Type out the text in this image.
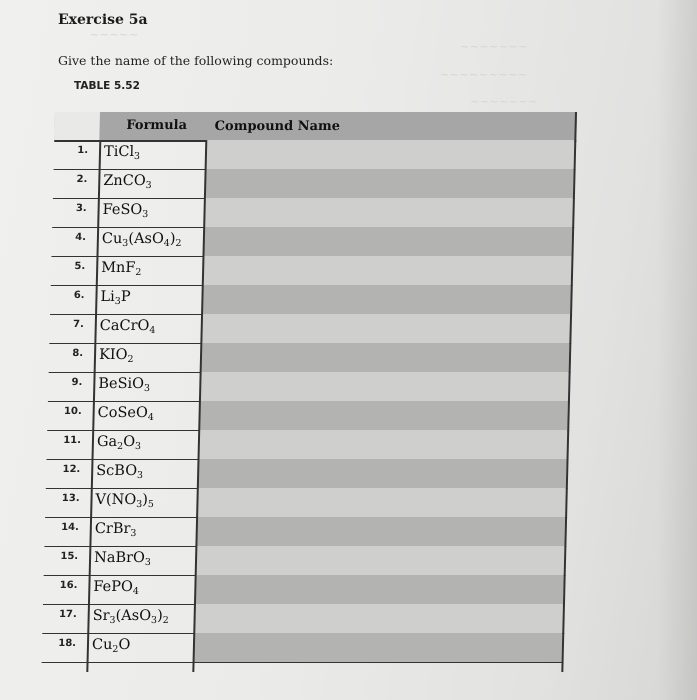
~~~~~
~~~~~~~
~~~~~~~~~
~~~~~~~
Exercise 5a
Give the name of the following compounds:
TABLE 5.52
Formula	Compound Name
1. TiCl$_3$
2. ZnCO$_3$
3. FeSO$_3$
4. $Cu_3(AsO_4)_2$
5. MnF$_2$
6. $Li_3P$
7. CaCrO$_4$
8. $KIO_2$
9. BeSiO$_3$
10. CoSeO$_4$
11. $Ga_2O_3$
12. ScBO$_3$
13. $V(NO_3)_5$
14. CrBr$_3$
15. NaBrO$_3$
16. FePO$_4$
17. $Sr_3(AsO_3)_2$
18. $Cu_2O$
